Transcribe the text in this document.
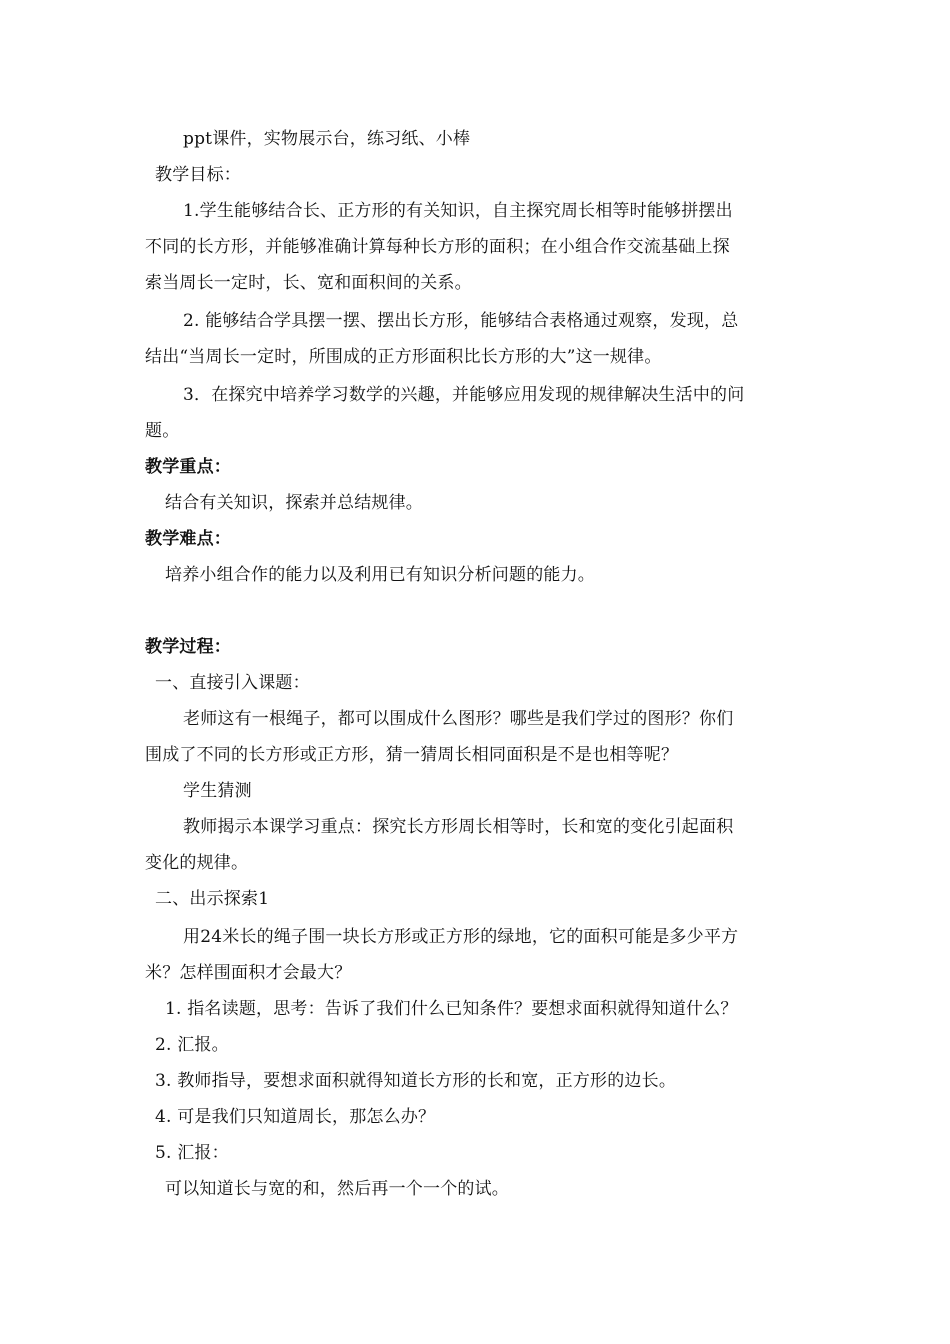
ppt课件，实物展示台，练习纸、小棒
教学目标：
1.学生能够结合长、正方形的有关知识，自主探究周长相等时能够拼摆出
不同的长方形，并能够准确计算每种长方形的面积；在小组合作交流基础上探
索当周长一定时，长、宽和面积间的关系。
2. 能够结合学具摆一摆、摆出长方形，能够结合表格通过观察，发现，总
结出“当周长一定时，所围成的正方形面积比长方形的大”这一规律。
3．在探究中培养学习数学的兴趣，并能够应用发现的规律解决生活中的问
题。
教学重点：
结合有关知识，探索并总结规律。
教学难点：
培养小组合作的能力以及利用已有知识分析问题的能力。
教学过程：
一、直接引入课题：
老师这有一根绳子，都可以围成什么图形？哪些是我们学过的图形？你们
围成了不同的长方形或正方形，猜一猜周长相同面积是不是也相等呢？
学生猜测
教师揭示本课学习重点：探究长方形周长相等时，长和宽的变化引起面积
变化的规律。
二、出示探索1
用24米长的绳子围一块长方形或正方形的绿地，它的面积可能是多少平方
米？怎样围面积才会最大？
1. 指名读题，思考：告诉了我们什么已知条件？要想求面积就得知道什么？
2. 汇报。
3. 教师指导，要想求面积就得知道长方形的长和宽，正方形的边长。
4. 可是我们只知道周长，那怎么办？
5. 汇报：
可以知道长与宽的和，然后再一个一个的试。
